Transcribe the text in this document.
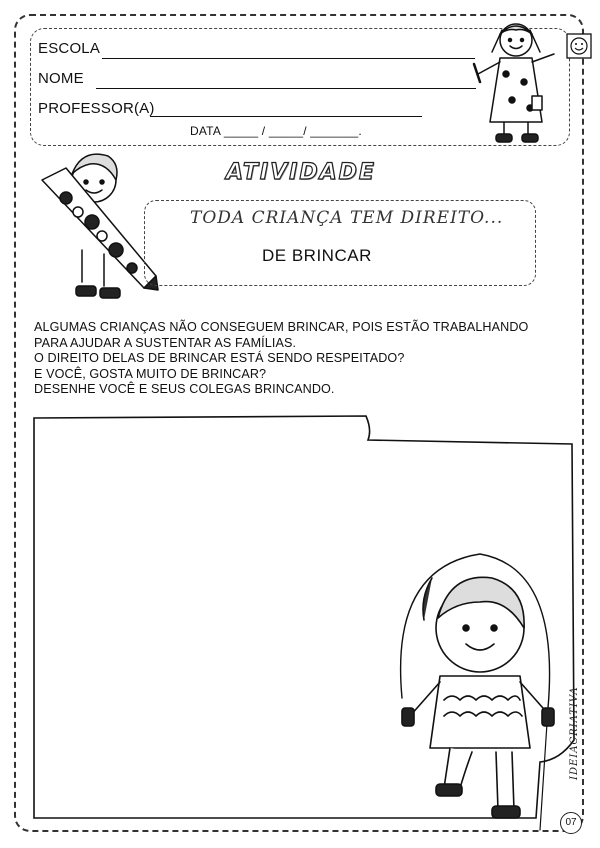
ESCOLA
NOME
PROFESSOR(A)
DATA _____ / _____/ _______.
ATIVIDADE
TODA CRIANÇA TEM DIREITO...
DE BRINCAR
ALGUMAS CRIANÇAS NÃO CONSEGUEM BRINCAR, POIS ESTÃO TRABALHANDO
PARA AJUDAR A SUSTENTAR AS FAMÍLIAS.
O DIREITO DELAS DE BRINCAR ESTÁ SENDO RESPEITADO?
E VOCÊ, GOSTA MUITO DE BRINCAR?
DESENHE VOCÊ E SEUS COLEGAS BRINCANDO.
IDEIACRIATIVA
07
